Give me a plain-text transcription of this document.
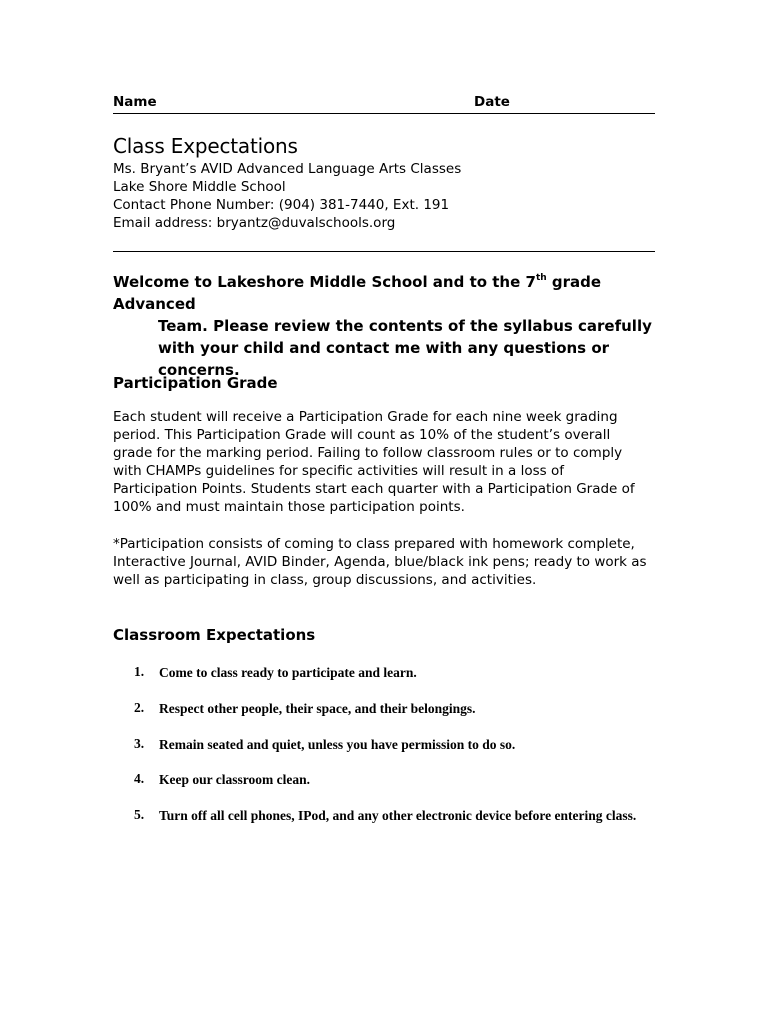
Name	Date
Class Expectations
Ms. Bryant’s AVID Advanced Language Arts Classes
Lake Shore Middle School
Contact Phone Number: (904) 381-7440, Ext. 191
Email address: bryantz@duvalschools.org
Welcome to Lakeshore Middle School and to the 7th grade Advanced
Team. Please review the contents of the syllabus carefully
with your child and contact me with any questions or
concerns.
Participation Grade
Each student will receive a Participation Grade for each nine week grading
period. This Participation Grade will count as 10% of the student’s overall
grade for the marking period. Failing to follow classroom rules or to comply
with CHAMPs guidelines for specific activities will result in a loss of
Participation Points. Students start each quarter with a Participation Grade of
100% and must maintain those participation points.
*Participation consists of coming to class prepared with homework complete,
Interactive Journal, AVID Binder, Agenda, blue/black ink pens; ready to work as
well as participating in class, group discussions, and activities.
Classroom Expectations
1. Come to class ready to participate and learn.
2. Respect other people, their space, and their belongings.
3. Remain seated and quiet, unless you have permission to do so.
4. Keep our classroom clean.
5. Turn off all cell phones, IPod, and any other electronic device before entering class.
